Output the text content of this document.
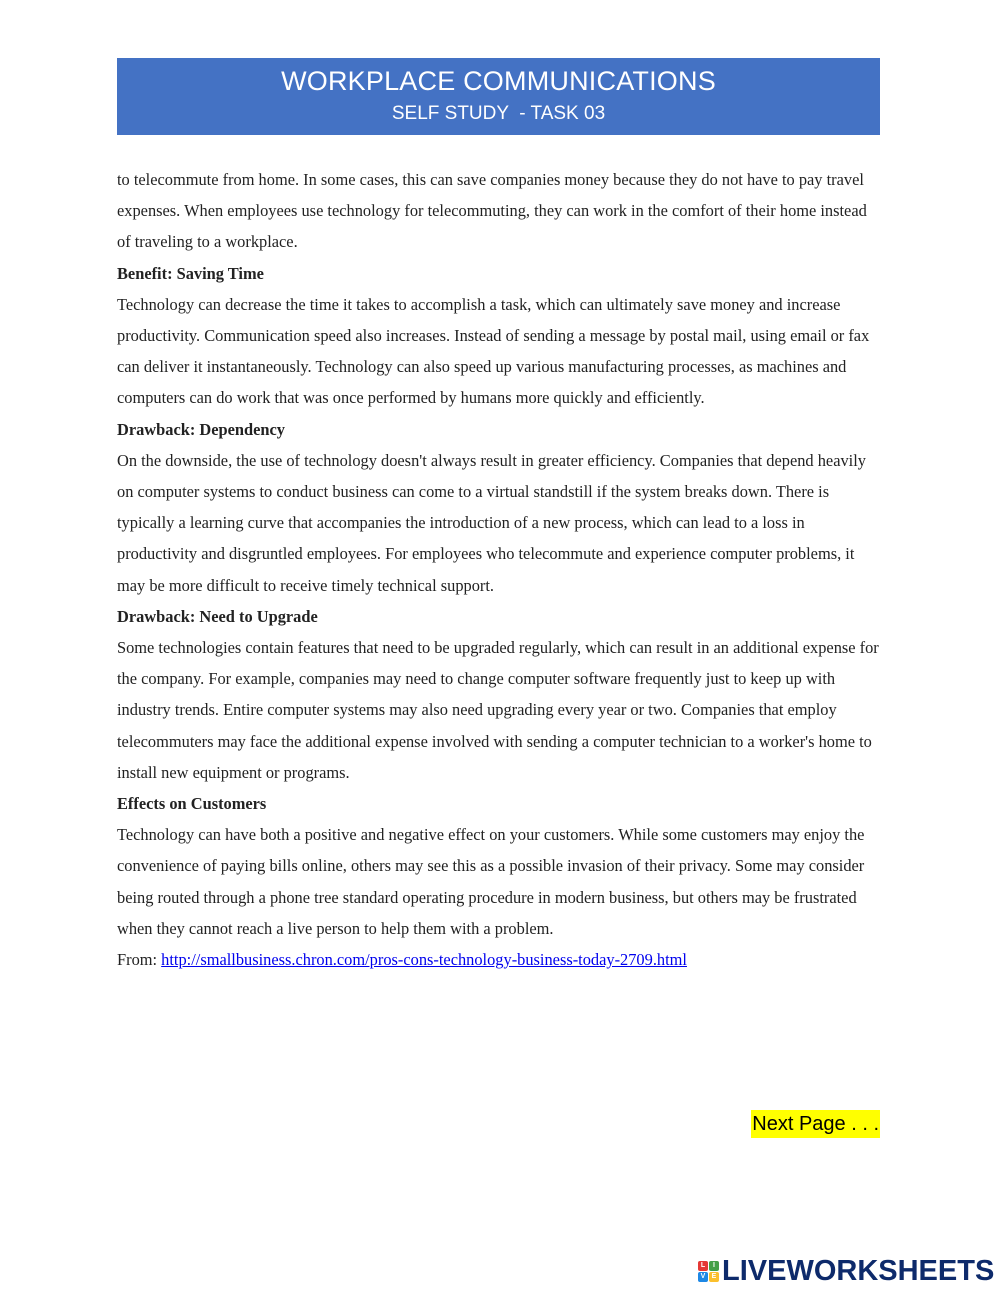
WORKPLACE COMMUNICATIONS
SELF STUDY  - TASK 03

to telecommute from home. In some cases, this can save companies money because they do not have to pay travel expenses. When employees use technology for telecommuting, they can work in the comfort of their home instead of traveling to a workplace.

Benefit: Saving Time

Technology can decrease the time it takes to accomplish a task, which can ultimately save money and increase productivity. Communication speed also increases. Instead of sending a message by postal mail, using email or fax can deliver it instantaneously. Technology can also speed up various manufacturing processes, as machines and computers can do work that was once performed by humans more quickly and efficiently.

Drawback: Dependency

On the downside, the use of technology doesn't always result in greater efficiency. Companies that depend heavily on computer systems to conduct business can come to a virtual standstill if the system breaks down. There is typically a learning curve that accompanies the introduction of a new process, which can lead to a loss in productivity and disgruntled employees. For employees who telecommute and experience computer problems, it may be more difficult to receive timely technical support.

Drawback: Need to Upgrade

Some technologies contain features that need to be upgraded regularly, which can result in an additional expense for the company. For example, companies may need to change computer software frequently just to keep up with industry trends. Entire computer systems may also need upgrading every year or two. Companies that employ telecommuters may face the additional expense involved with sending a computer technician to a worker's home to install new equipment or programs.

Effects on Customers

Technology can have both a positive and negative effect on your customers. While some customers may enjoy the convenience of paying bills online, others may see this as a possible invasion of their privacy. Some may consider being routed through a phone tree standard operating procedure in modern business, but others may be frustrated when they cannot reach a live person to help them with a problem.

From: http://smallbusiness.chron.com/pros-cons-technology-business-today-2709.html

Next Page . . .
L	I
V E LIVEWORKSHEETS
